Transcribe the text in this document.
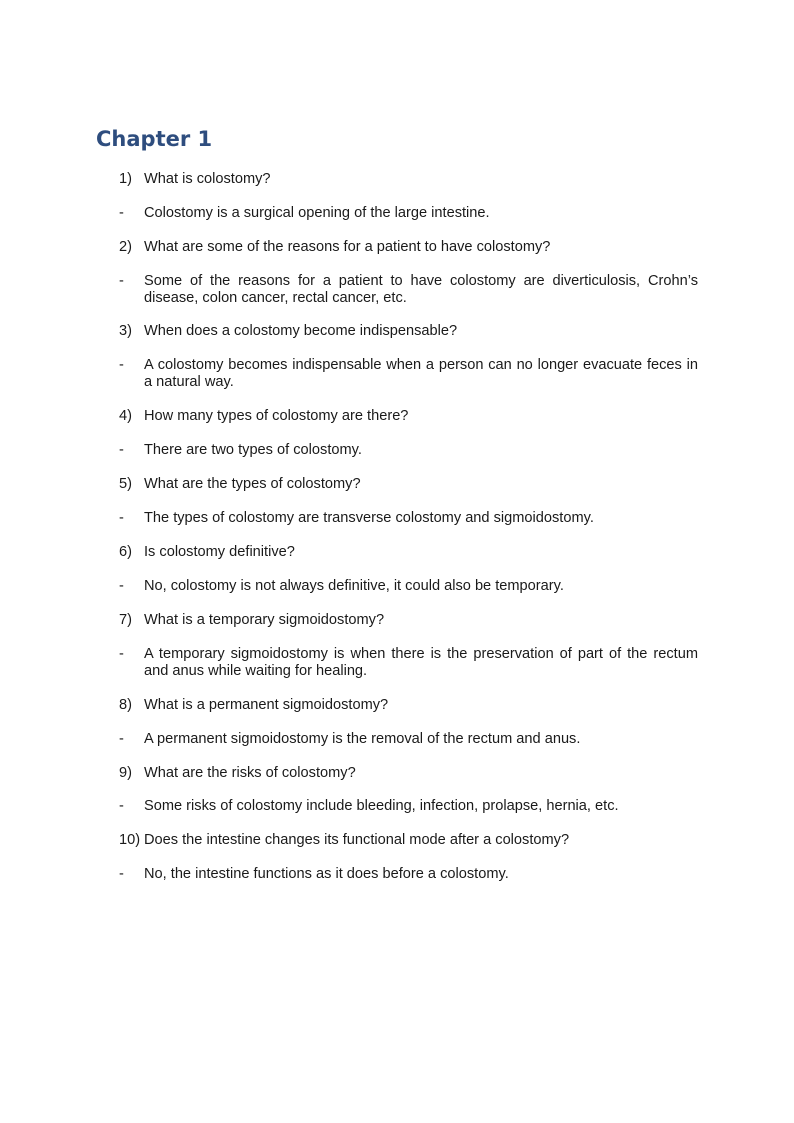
Chapter 1
1) What is colostomy?
-	Colostomy is a surgical opening of the large intestine.
2) What are some of the reasons for a patient to have colostomy?
-	Some of the reasons for a patient to have colostomy are diverticulosis, Crohn’s disease, colon cancer, rectal cancer, etc.
3) When does a colostomy become indispensable?
-	A colostomy becomes indispensable when a person can no longer evacuate feces in a natural way.
4) How many types of colostomy are there?
-	There are two types of colostomy.
5) What are the types of colostomy?
-	The types of colostomy are transverse colostomy and sigmoidostomy.
6) Is colostomy definitive?
-	No, colostomy is not always definitive, it could also be temporary.
7) What is a temporary sigmoidostomy?
-	A temporary sigmoidostomy is when there is the preservation of part of the rectum and anus while waiting for healing.
8) What is a permanent sigmoidostomy?
-	A permanent sigmoidostomy is the removal of the rectum and anus.
9) What are the risks of colostomy?
-	Some risks of colostomy include bleeding, infection, prolapse, hernia, etc.
10) Does the intestine changes its functional mode after a colostomy?
-	No, the intestine functions as it does before a colostomy.
